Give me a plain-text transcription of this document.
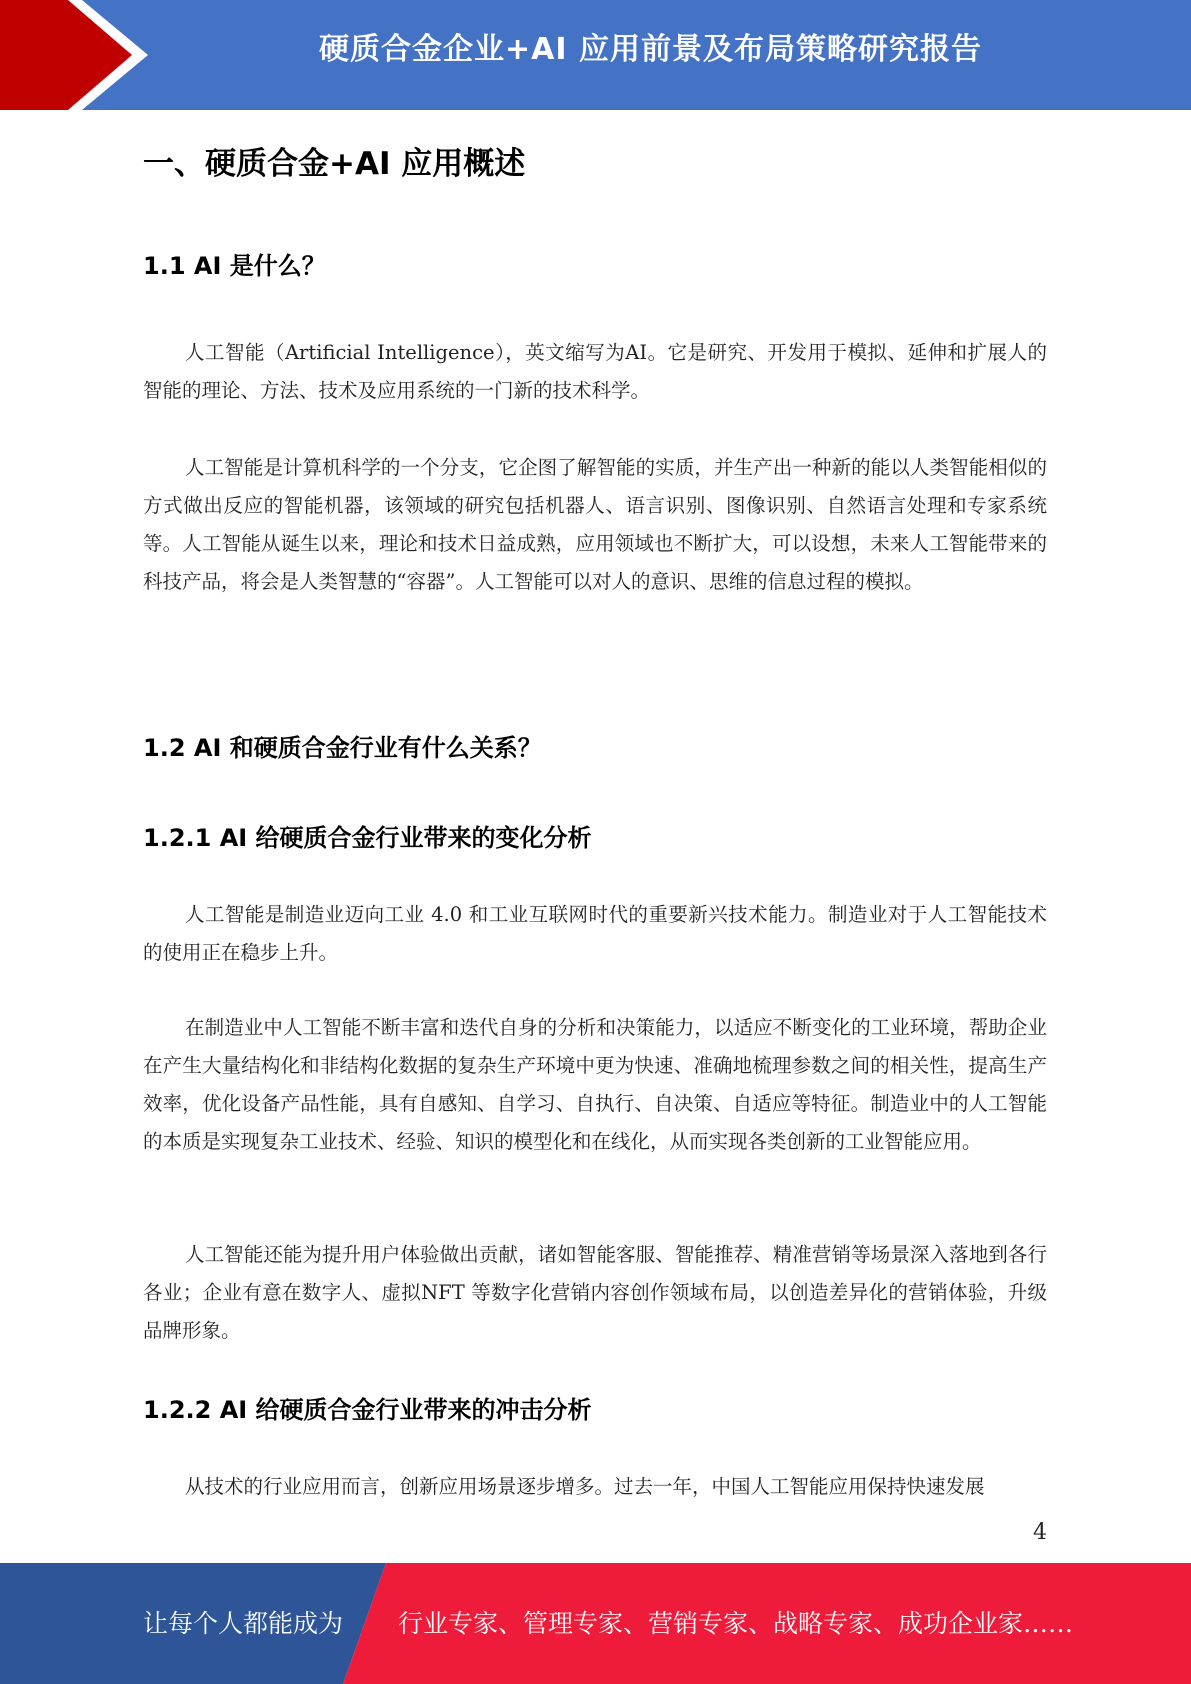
硬质合金企业+AI 应用前景及布局策略研究报告
一、硬质合金+AI 应用概述
1.1 AI 是什么？
人工智能（Artificial Intelligence），英文缩写为AI。它是研究、开发用于模拟、延伸和扩展人的智能的理论、方法、技术及应用系统的一门新的技术科学。
人工智能是计算机科学的一个分支，它企图了解智能的实质，并生产出一种新的能以人类智能相似的方式做出反应的智能机器，该领域的研究包括机器人、语言识别、图像识别、自然语言处理和专家系统等。人工智能从诞生以来，理论和技术日益成熟，应用领域也不断扩大，可以设想，未来人工智能带来的科技产品，将会是人类智慧的“容器”。人工智能可以对人的意识、思维的信息过程的模拟。
1.2 AI 和硬质合金行业有什么关系？
1.2.1 AI 给硬质合金行业带来的变化分析
人工智能是制造业迈向工业 4.0 和工业互联网时代的重要新兴技术能力。制造业对于人工智能技术的使用正在稳步上升。
在制造业中人工智能不断丰富和迭代自身的分析和决策能力，以适应不断变化的工业环境，帮助企业在产生大量结构化和非结构化数据的复杂生产环境中更为快速、准确地梳理参数之间的相关性，提高生产效率，优化设备产品性能，具有自感知、自学习、自执行、自决策、自适应等特征。制造业中的人工智能的本质是实现复杂工业技术、经验、知识的模型化和在线化，从而实现各类创新的工业智能应用。
人工智能还能为提升用户体验做出贡献，诸如智能客服、智能推荐、精准营销等场景深入落地到各行各业；企业有意在数字人、虚拟NFT 等数字化营销内容创作领域布局，以创造差异化的营销体验，升级品牌形象。
1.2.2 AI 给硬质合金行业带来的冲击分析
从技术的行业应用而言，创新应用场景逐步增多。过去一年，中国人工智能应用保持快速发展
4
让每个人都能成为 行业专家、管理专家、营销专家、战略专家、成功企业家……
